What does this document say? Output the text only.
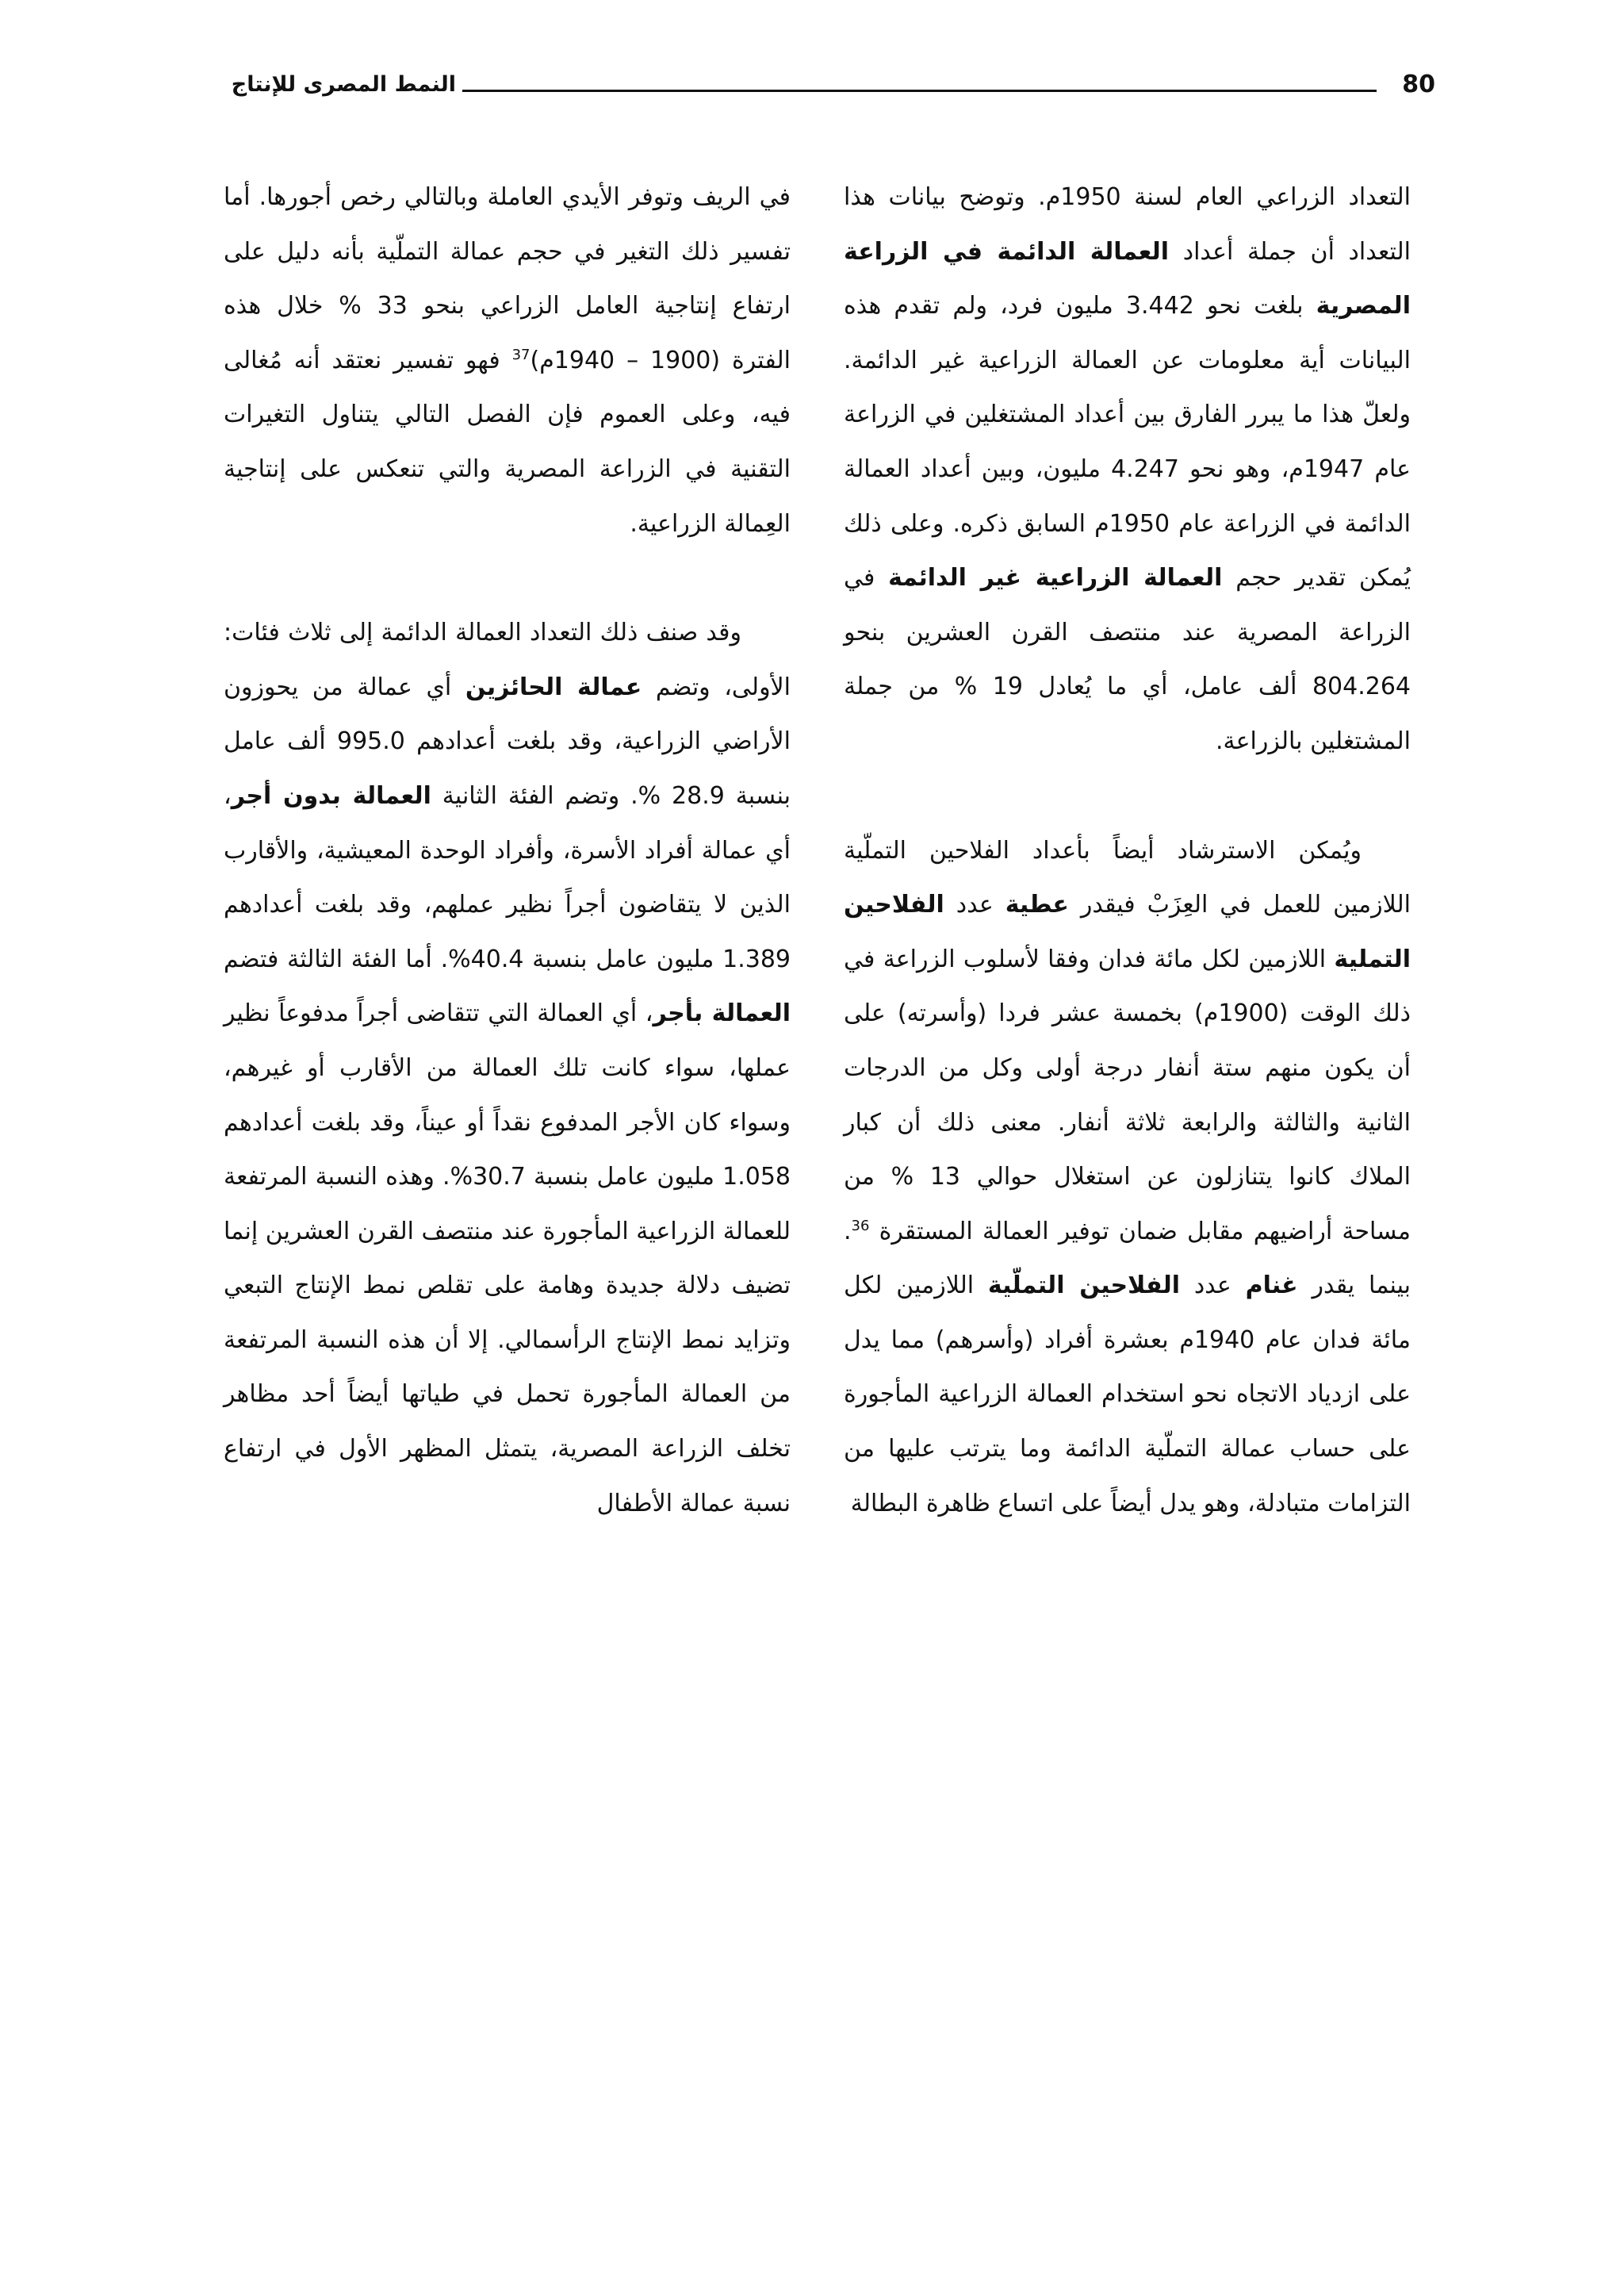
80
النمط المصرى للإنتاج

التعداد الزراعي العام لسنة 1950م. وتوضح بيانات هذا التعداد أن جملة أعداد العمالة الدائمة في الزراعة المصرية بلغت نحو 3.442 مليون فرد، ولم تقدم هذه البيانات أية معلومات عن العمالة الزراعية غير الدائمة. ولعلّ هذا ما يبرر الفارق بين أعداد المشتغلين في الزراعة عام 1947م، وهو نحو 4.247 مليون، وبين أعداد العمالة الدائمة في الزراعة عام 1950م السابق ذكره. وعلى ذلك يُمكن تقدير حجم العمالة الزراعية غير الدائمة في الزراعة المصرية عند منتصف القرن العشرين بنحو 804.264 ألف عامل، أي ما يُعادل 19 % من جملة المشتغلين بالزراعة.

ويُمكن الاسترشاد أيضاً بأعداد الفلاحين التملّية اللازمين للعمل في العِزَبْ فيقدر عطية عدد الفلاحين التملية اللازمين لكل مائة فدان وفقا لأسلوب الزراعة في ذلك الوقت (1900م) بخمسة عشر فردا (وأسرته) على أن يكون منهم ستة أنفار درجة أولى وكل من الدرجات الثانية والثالثة والرابعة ثلاثة أنفار. معنى ذلك أن كبار الملاك كانوا يتنازلون عن استغلال حوالي 13 % من مساحة أراضيهم مقابل ضمان توفير العمالة المستقرة $^{36}$. بينما يقدر غنام عدد الفلاحين التملّية اللازمين لكل مائة فدان عام 1940م بعشرة أفراد (وأسرهم) مما يدل على ازدياد الاتجاه نحو استخدام العمالة الزراعية المأجورة على حساب عمالة التملّية الدائمة وما يترتب عليها من التزامات متبادلة، وهو يدل أيضاً على اتساع ظاهرة البطالة

في الريف وتوفر الأيدي العاملة وبالتالي رخص أجورها. أما تفسير ذلك التغير في حجم عمالة التملّية بأنه دليل على ارتفاع إنتاجية العامل الزراعي بنحو 33 % خلال هذه الفترة (1900 – 1940م)$^{37}$ فهو تفسير نعتقد أنه مُغالى فيه، وعلى العموم فإن الفصل التالي يتناول التغيرات التقنية في الزراعة المصرية والتي تنعكس على إنتاجية العِمالة الزراعية.

وقد صنف ذلك التعداد العمالة الدائمة إلى ثلاث فئات: الأولى، وتضم عمالة الحائزين أي عمالة من يحوزون الأراضي الزراعية، وقد بلغت أعدادهم 995.0 ألف عامل بنسبة 28.9 %. وتضم الفئة الثانية العمالة بدون أجر، أي عمالة أفراد الأسرة، وأفراد الوحدة المعيشية، والأقارب الذين لا يتقاضون أجراً نظير عملهم، وقد بلغت أعدادهم 1.389 مليون عامل بنسبة 40.4%. أما الفئة الثالثة فتضم العمالة بأجر، أي العمالة التي تتقاضى أجراً مدفوعاً نظير عملها، سواء كانت تلك العمالة من الأقارب أو غيرهم، وسواء كان الأجر المدفوع نقداً أو عيناً، وقد بلغت أعدادهم 1.058 مليون عامل بنسبة 30.7%. وهذه النسبة المرتفعة للعمالة الزراعية المأجورة عند منتصف القرن العشرين إنما تضيف دلالة جديدة وهامة على تقلص نمط الإنتاج التبعي وتزايد نمط الإنتاج الرأسمالي. إلا أن هذه النسبة المرتفعة من العمالة المأجورة تحمل في طياتها أيضاً أحد مظاهر تخلف الزراعة المصرية، يتمثل المظهر الأول في ارتفاع نسبة عمالة الأطفال
